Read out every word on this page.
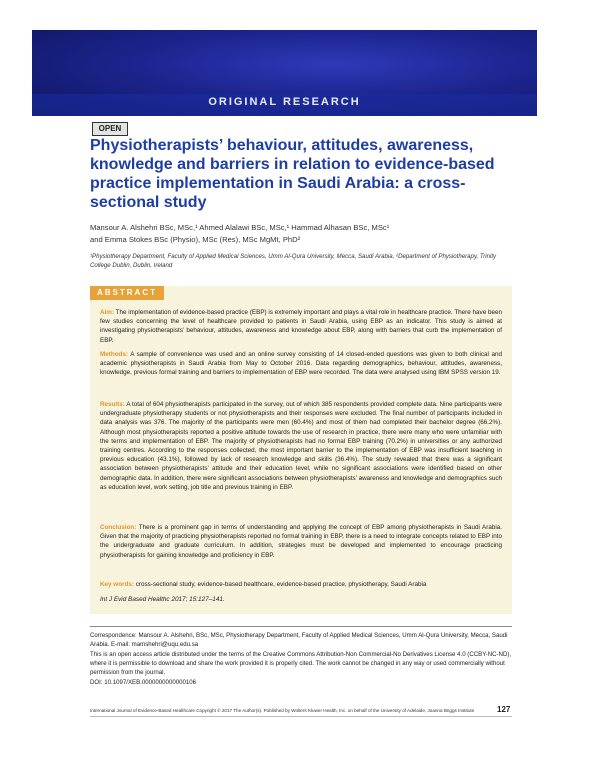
ORIGINAL RESEARCH
OPEN
Physiotherapists’ behaviour, attitudes, awareness, knowledge and barriers in relation to evidence-based practice implementation in Saudi Arabia: a cross-sectional study
Mansour A. Alshehri BSc, MSc,¹ Ahmed Alalawi BSc, MSc,¹ Hammad Alhasan BSc, MSc¹
and Emma Stokes BSc (Physio), MSc (Res), MSc MgMt, PhD²
¹Physiotherapy Department, Faculty of Applied Medical Sciences, Umm Al-Qura University, Mecca, Saudi Arabia, ²Department of Physiotherapy, Trinity College Dublin, Dublin, Ireland
ABSTRACT

Aim: The implementation of evidence-based practice (EBP) is extremely important and plays a vital role in healthcare practice. There have been few studies concerning the level of healthcare provided to patients in Saudi Arabia, using EBP as an indicator. This study is aimed at investigating physiotherapists’ behaviour, attitudes, awareness and knowledge about EBP, along with barriers that curb the implementation of EBP.

Methods: A sample of convenience was used and an online survey consisting of 14 closed-ended questions was given to both clinical and academic physiotherapists in Saudi Arabia from May to October 2016. Data regarding demographics, behaviour, attitudes, awareness, knowledge, previous formal training and barriers to implementation of EBP were recorded. The data were analysed using IBM SPSS version 19.

Results: A total of 604 physiotherapists participated in the survey, out of which 385 respondents provided complete data. Nine participants were undergraduate physiotherapy students or not physiotherapists and their responses were excluded. The final number of participants included in data analysis was 376. The majority of the participants were men (60.4%) and most of them had completed their bachelor degree (66.2%). Although most physiotherapists reported a positive attitude towards the use of research in practice, there were many who were unfamiliar with the terms and implementation of EBP. The majority of physiotherapists had no formal EBP training (70.2%) in universities or any authorized training centres. According to the responses collected, the most important barrier to the implementation of EBP was insufficient teaching in previous education (43.1%), followed by lack of research knowledge and skills (36.4%). The study revealed that there was a significant association between physiotherapists’ attitude and their education level, while no significant associations were identified based on other demographic data. In addition, there were significant associations between physiotherapists’ awareness and knowledge and demographics such as education level, work setting, job title and previous training in EBP.

Conclusion: There is a prominent gap in terms of understanding and applying the concept of EBP among physiotherapists in Saudi Arabia. Given that the majority of practicing physiotherapists reported no formal training in EBP, there is a need to integrate concepts related to EBP into the undergraduate and graduate curriculum. In addition, strategies must be developed and implemented to encourage practicing physiotherapists for gaining knowledge and proficiency in EBP.

Key words: cross-sectional study, evidence-based healthcare, evidence-based practice, physiotherapy, Saudi Arabia

Int J Evid Based Healthc 2017; 15:127–141.

Correspondence: Mansour A. Alshehri, BSc, MSc, Physiotherapy Department, Faculty of Applied Medical Sciences, Umm Al-Qura University, Mecca, Saudi Arabia. E-mail: mamshehri@uqu.edu.sa

This is an open access article distributed under the terms of the Creative Commons Attribution-Non Commercial-No Derivatives License 4.0 (CCBY-NC-ND), where it is permissible to download and share the work provided it is properly cited. The work cannot be changed in any way or used commercially without permission from the journal.

DOI: 10.1097/XEB.0000000000000106

International Journal of Evidence-Based Healthcare Copyright © 2017 The Author(s). Published by Wolters Kluwer Health, Inc. on behalf of the University of Adelaide, Joanna Briggs Institute	127
